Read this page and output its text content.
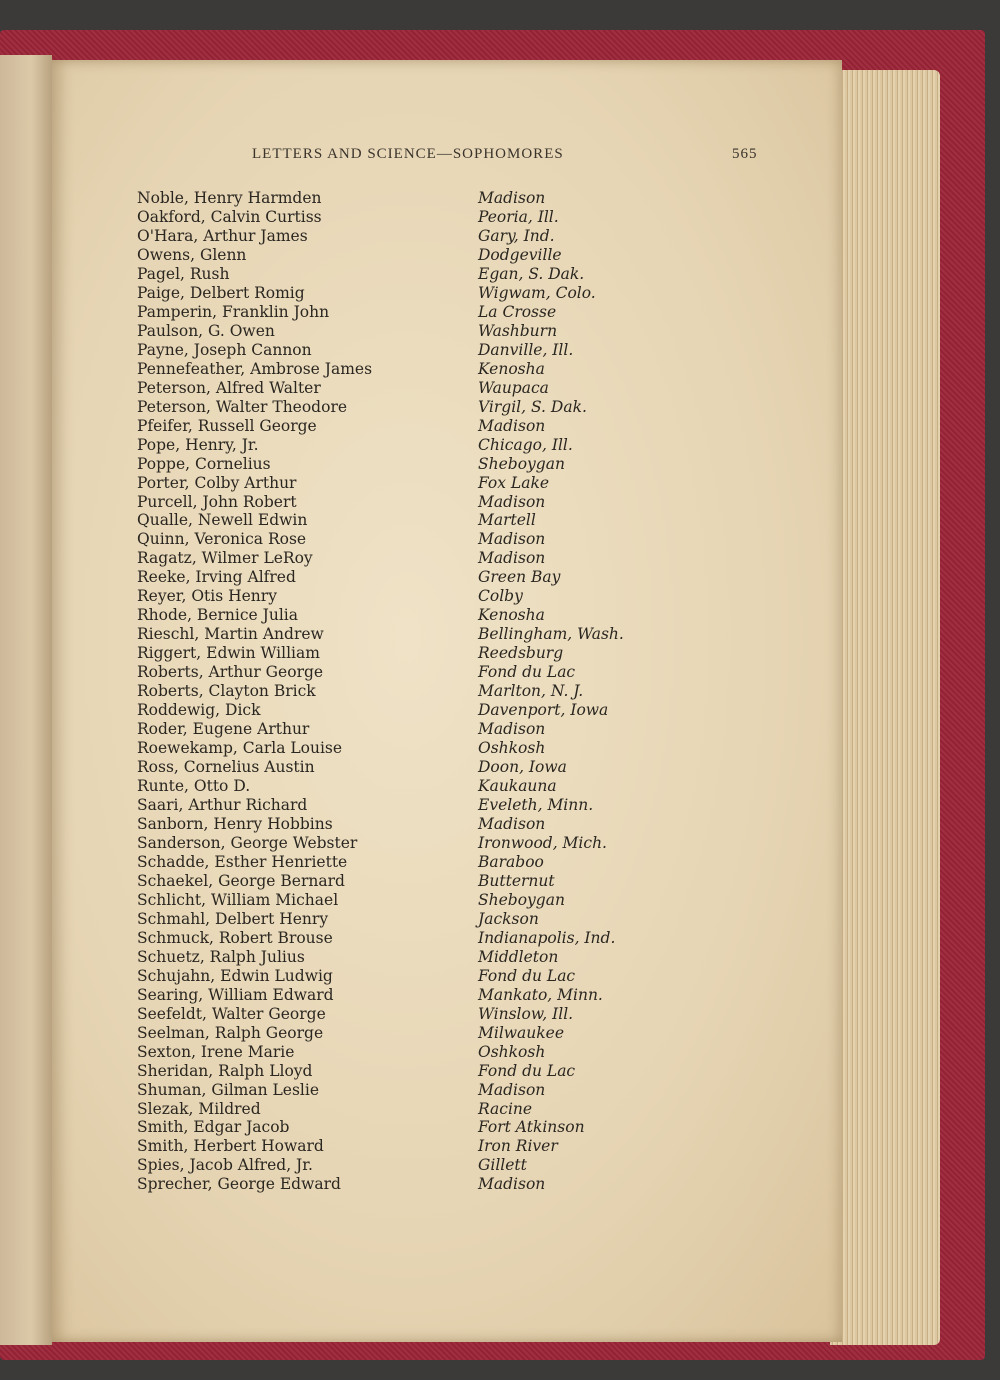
LETTERS AND SCIENCE—SOPHOMORES	565
Noble, Henry Harmden	Madison
Oakford, Calvin Curtiss	Peoria, Ill.
O'Hara, Arthur James	Gary, Ind.
Owens, Glenn	Dodgeville
Pagel, Rush	Egan, S. Dak.
Paige, Delbert Romig	Wigwam, Colo.
Pamperin, Franklin John	La Crosse
Paulson, G. Owen	Washburn
Payne, Joseph Cannon	Danville, Ill.
Pennefeather, Ambrose James	Kenosha
Peterson, Alfred Walter	Waupaca
Peterson, Walter Theodore	Virgil, S. Dak.
Pfeifer, Russell George	Madison
Pope, Henry, Jr.	Chicago, Ill.
Poppe, Cornelius	Sheboygan
Porter, Colby Arthur	Fox Lake
Purcell, John Robert	Madison
Qualle, Newell Edwin	Martell
Quinn, Veronica Rose	Madison
Ragatz, Wilmer LeRoy	Madison
Reeke, Irving Alfred	Green Bay
Reyer, Otis Henry	Colby
Rhode, Bernice Julia	Kenosha
Rieschl, Martin Andrew	Bellingham, Wash.
Riggert, Edwin William	Reedsburg
Roberts, Arthur George	Fond du Lac
Roberts, Clayton Brick	Marlton, N. J.
Roddewig, Dick	Davenport, Iowa
Roder, Eugene Arthur	Madison
Roewekamp, Carla Louise	Oshkosh
Ross, Cornelius Austin	Doon, Iowa
Runte, Otto D.	Kaukauna
Saari, Arthur Richard	Eveleth, Minn.
Sanborn, Henry Hobbins	Madison
Sanderson, George Webster	Ironwood, Mich.
Schadde, Esther Henriette	Baraboo
Schaekel, George Bernard	Butternut
Schlicht, William Michael	Sheboygan
Schmahl, Delbert Henry	Jackson
Schmuck, Robert Brouse	Indianapolis, Ind.
Schuetz, Ralph Julius	Middleton
Schujahn, Edwin Ludwig	Fond du Lac
Searing, William Edward	Mankato, Minn.
Seefeldt, Walter George	Winslow, Ill.
Seelman, Ralph George	Milwaukee
Sexton, Irene Marie	Oshkosh
Sheridan, Ralph Lloyd	Fond du Lac
Shuman, Gilman Leslie	Madison
Slezak, Mildred	Racine
Smith, Edgar Jacob	Fort Atkinson
Smith, Herbert Howard	Iron River
Spies, Jacob Alfred, Jr.	Gillett
Sprecher, George Edward	Madison
